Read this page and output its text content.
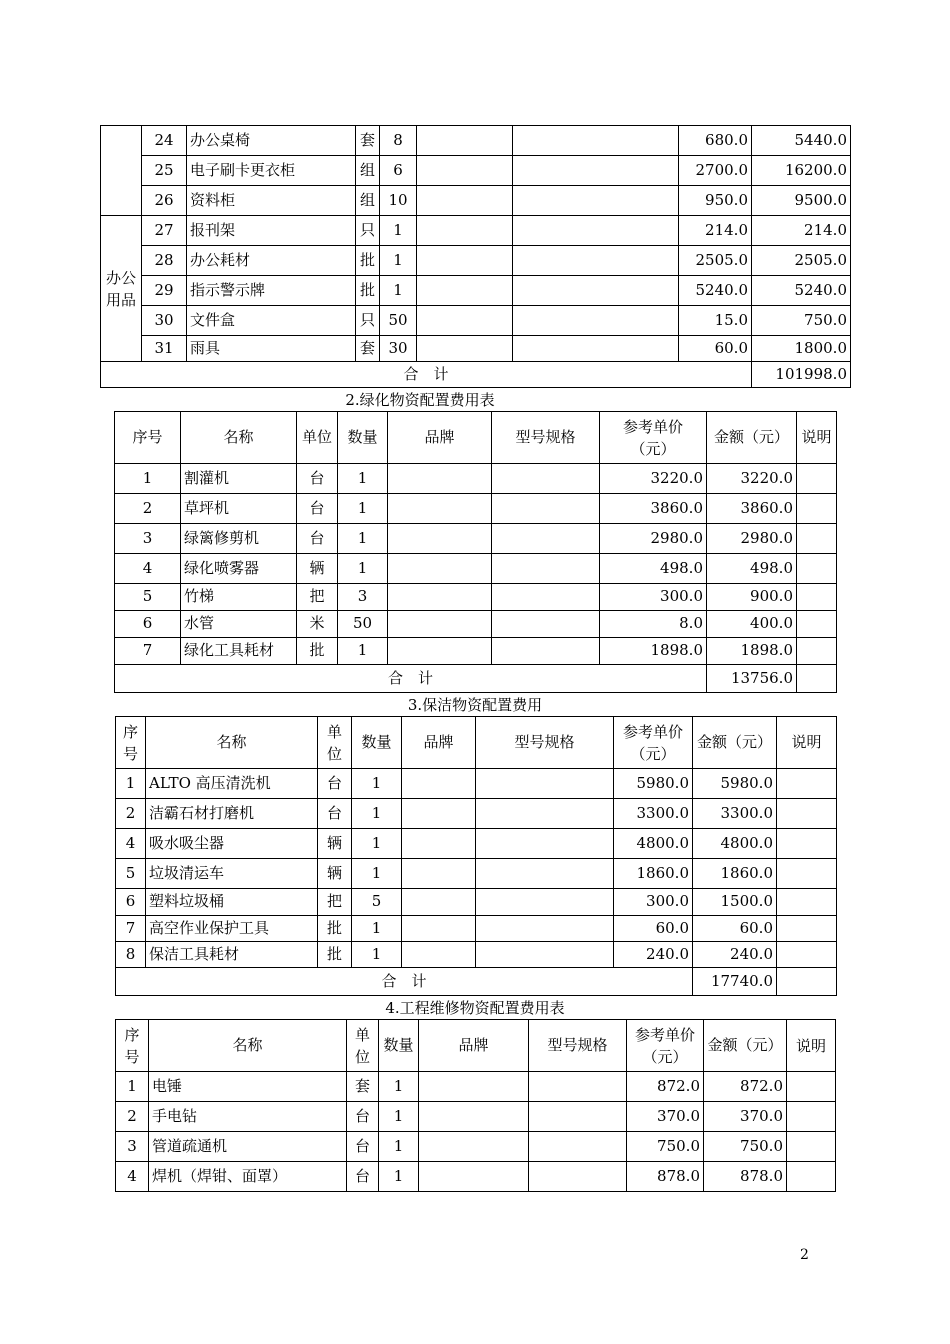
	24	办公桌椅	套	8			680.0	5440.0
	25	电子刷卡更衣柜	组	6			2700.0	16200.0
	26	资料柜	组	10			950.0	9500.0
办公用品	27	报刊架	只	1			214.0	214.0
	28	办公耗材	批	1			2505.0	2505.0
	29	指示警示牌	批	1			5240.0	5240.0
	30	文件盒	只	50			15.0	750.0
	31	雨具	套	30			60.0	1800.0
合　计								101998.0
2.绿化物资配置费用表
序号	名称	单位	数量	品牌	型号规格	参考单价（元）	金额（元）	说明
1	割灌机	台	1			3220.0	3220.0	
2	草坪机	台	1			3860.0	3860.0	
3	绿篱修剪机	台	1			2980.0	2980.0	
4	绿化喷雾器	辆	1			498.0	498.0	
5	竹梯	把	3			300.0	900.0	
6	水管	米	50			8.0	400.0	
7	绿化工具耗材	批	1			1898.0	1898.0	
合　计							13756.0	
3.保洁物资配置费用
序号	名称	单位	数量	品牌	型号规格	参考单价（元）	金额（元）	说明
1	ALTO 高压清洗机	台	1			5980.0	5980.0	
2	洁霸石材打磨机	台	1			3300.0	3300.0	
4	吸水吸尘器	辆	1			4800.0	4800.0	
5	垃圾清运车	辆	1			1860.0	1860.0	
6	塑料垃圾桶	把	5			300.0	1500.0	
7	高空作业保护工具	批	1			60.0	60.0	
8	保洁工具耗材	批	1			240.0	240.0	
合　计							17740.0	
4.工程维修物资配置费用表
序号	名称	单位	数量	品牌	型号规格	参考单价（元）	金额（元）	说明
1	电锤	套	1			872.0	872.0	
2	手电钻	台	1			370.0	370.0	
3	管道疏通机	台	1			750.0	750.0	
4	焊机（焊钳、面罩）	台	1			878.0	878.0	
2
